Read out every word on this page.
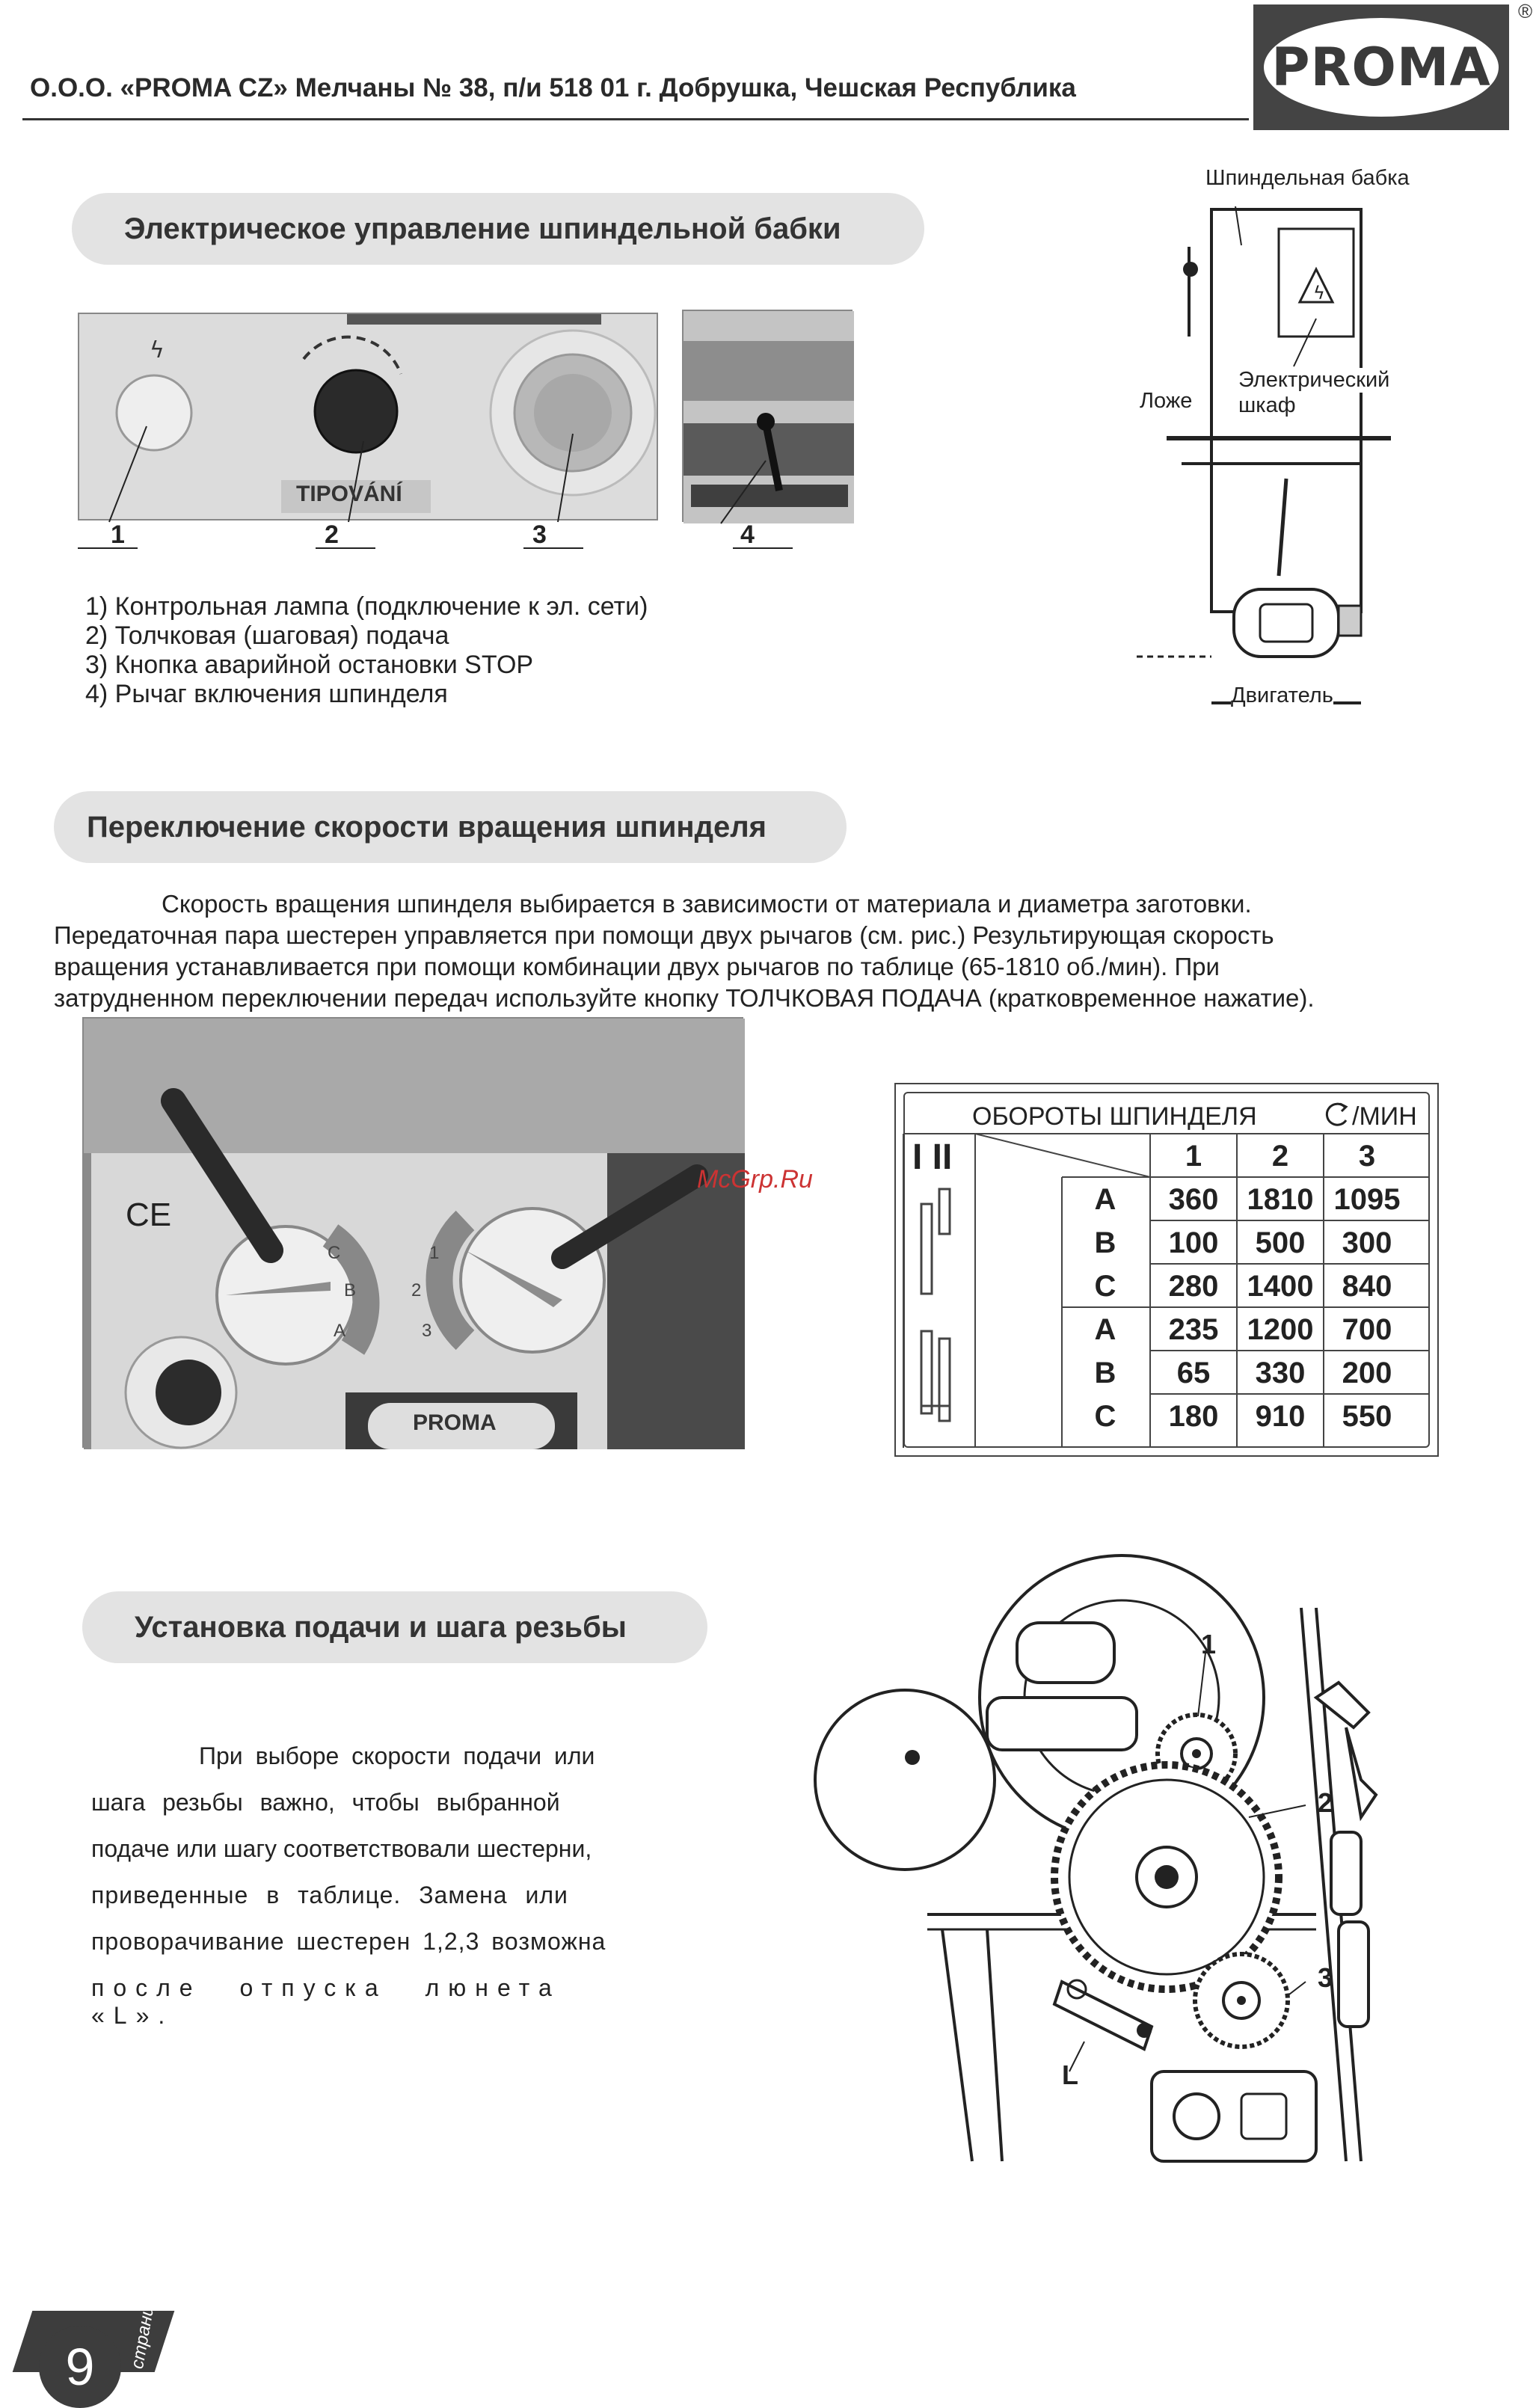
О.О.О. «PROMA CZ» Мелчаны № 38, п/и 518 01 г. Добрушка, Чешская Республика	PROMA
®
Электрическое управление шпиндельной бабки
ϟ
TIPOVÁNÍ
1	2	3	4
1) Контрольная лампа (подключение к эл. сети)
2) Толчковая (шаговая) подача
3) Кнопка аварийной остановки STOP
4) Рычаг включения шпинделя
ϟ
Шпиндельная бабка
Ложе
Электрический
шкаф
Двигатель
Переключение скорости вращения шпинделя
Скорость вращения шпинделя выбирается в зависимости от материала и диаметра заготовки.
Передаточная пара шестерен управляется при помощи двух рычагов (см. рис.) Результирующая скорость
вращения устанавливается при помощи комбинации двух рычагов по таблице (65-1810 об./мин). При
затрудненном переключении передач используйте кнопку ТОЛЧКОВАЯ ПОДАЧА (кратковременное нажатие).
CE
C
B
A
1
2
3
PROMA
McGrp.Ru
ОБОРОТЫ ШПИНДЕЛЯ	/МИН
I II	1	2	3
A	360 1810 1095
B	100	500	300
C	280 1400 840
A	235 1200 700
B	65	330	200
C	180	910	550
Установка подачи и шага резьбы
При выборе скорости подачи или
шага резьбы важно, чтобы выбранной
подаче или шагу соответствовали шестерни,
приведенные в таблице. Замена или
проворачивание шестерен 1,2,3 возможна
после отпуска люнета «L».
1
2
3
L
9	страница
